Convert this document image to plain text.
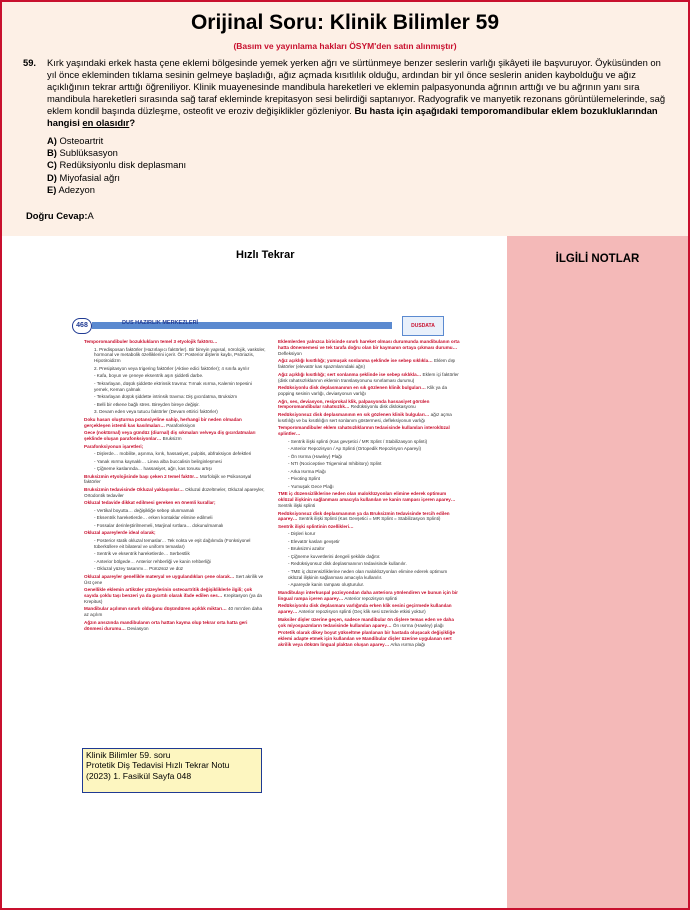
Orijinal Soru: Klinik Bilimler 59
(Basım ve yayınlama hakları ÖSYM'den satın alınmıştır)
59. Kırk yaşındaki erkek hasta çene eklemi bölgesinde yemek yerken ağrı ve sürtünmeye benzer seslerin varlığı şikâyeti ile başvuruyor. Öyküsünden on yıl önce ekleminden tıklama sesinin gelmeye başladığı, ağız açmada kısıtlılık olduğu, ardından bir yıl önce seslerin aniden kaybolduğu ve ağız açıklığının tekrar arttığı öğreniliyor. Klinik muayenesinde mandibula hareketleri ve eklemin palpasyonunda ağrının arttığı ve bu ağrının yanı sıra mandibula hareketleri sırasında sağ taraf ekleminde krepitasyon sesi belirdiği saptanıyor. Radyografik ve manyetik rezonans görüntülemelerinde, sağ eklem kondil başında düzleşme, osteofit ve eroziv değişiklikler gözleniyor. Bu hasta için aşağıdaki temporomandibular eklem bozukluklarından hangisi en olasıdır?
A) Osteoartrit
B) Sublüksasyon
C) Redüksiyonlu disk deplasmanı
D) Miyofasial ağrı
E) Adezyon
Doğru Cevap:A
Hızlı Tekrar
468	DUS HAZIRLIK MERKEZLERİ	DUSDATA
Temporomandibuler bozuklukların temel 3 etyolojik faktörü…
1. Predisposan faktörler (Hazırlayıcı faktörler). Bir bireyin yapısal, nörolojik, vasküler, hormonal ve metabolik özelliklerini içerir. Ör: Posterior dişlerin kaybı, Psöriazis, Hipotiroidizm
2. Presipitasyon veya trigering faktörler (Aktive edici faktörler); 4 sınıfa ayrılır
- Kafa, boyun ve çeneye eksentrik aşırı şiddetli darbe.
- Tekrarlayan, düşük şiddette ektrinsik travma: Tırnak ısırma, Kalemin tepesini yemek, Keman çalmak
- Tekrarlayan düşük şiddette intrinsik travma: Diş gıcırdatma, Bruksizm
- Belli bir etkene bağlı stres. Bireyden bireye değişir.
3. Devam eden veya tutucu faktörler (Devam ettirici faktörler)
Doku hasarı oluşturma potansiyeline sahip, herhangi bir neden olmadan gerçekleşen istemli kas kasılmaları… Parafonksiyon
Gece (noktürnal) veya gündüz (diurnal) diş sıkmaları ve/veya diş gıcırdatmaları şeklinde oluşan parafonksiyonlar… Bruksizm
Parafonksiyonun işaretleri;
- Dişlerde… mobilite, aşınma, kırık, hassasiyet, pulpitis, abfraksiyon defektleri
- Yanak ısırma kaynaklı… Linea alba buccalisin belirginleşmesi
- Çiğneme kaslarında… hassasiyet, ağrı, kas tonusu artışı
Bruksizmin etyolojisinde başı çeken 2 temel faktör… Morfolojik ve Psikososyal faktörler
Bruksizmin tedavisinde Okluzal yaklaşımlar… Okluzal düzeltmeler, Okluzal apareyler, Ortodontik tedaviler
Okluzal tedavide dikkat edilmesi gereken en önemli kurallar;
- Vertikal boyutta… değişikliğe sebep olunmamalı
- Eksentrik hareketlerde… erken kontaklar elimine edilmeli
- Fossalar derinleştirilmemeli, Marjinal sırtlara… dokunulmamalı
Okluzal apareylerde ideal olarak;
- Posterior statik okluzal temaslar… Tek nokta ve eşit dağılımda (Fonksiyonel tüberküllere eit bilateral ve uniform temaslar)
- Sentrik ve eksentrik hareketlerde… Serbestlik
- Anterior bölgede… Anterior rehberliği ve kanin rehberliği
- Okluzal yüzey tasarımı… Pürüzsüz ve düz
Okluzal apareyler genellikle materyal ve uygulandıkları çene olarak… Sert akrilik ve Üst çene
Genellikle eklemin artiküler yüzeylerinin osteoartritik değişikliklerle ilgili; çok sayıda çoklu taşı benzeri ya da gıcırtılı olarak ifade edilen ses… Krepitasyon (ya da Krepitus)
Mandibular açılımın sınırlı olduğunu düşündüren açıklık miktarı… 40 mm'den daha az açılım
Ağzın ansızında mandibulanın orta hattan kayma olup tekrar orta hatta geri dönmesi durumu… Deviasyon
Eklemlerden yalnızca birisinde sınırlı hareket olması durumunda mandibulanın orta hatta dönememesi ve tek tarafa doğru olan bir kaymanın ortaya çıkması durumu… Defleksiyon
Ağız açıklığı kısıtlılığı; yumuşak sonlanma şeklinde ise sebep sıklıkla… Eklem dışı faktörler (elevatör kas spazmlarındaki ağrı)
Ağız açıklığı kısıtlılığı; sert sonlanma şeklinde ise sebep sıklıkla… Eklem içi faktörler (disk rahatsızlıklarının eklemin translasyonunu sınırlaması durumu)
Redüksiyonlu disk deplasmanının en sık gözlenen klinik bulguları… Klik ya da popping sesinin varlığı, deviasyonun varlığı
Ağrı, ses, deviasyon, resiprokal klik, palpasyonda hassasiyet görülen temporomandibular rahatsızlık… Redüksiyonlu disk dislokasyonu
Redüksiyonsuz disk deplasmanının en sık gözlenen klinik bulguları… ağız açma kısıtlılığı ve bu kısıtlılığın sert sonlanım göstermesi, defleksiyonun varlığı
Temporomandibuler eklem rahatsızlıklarının tedavisinde kullanılan interoklüzal splintler…
- Sentrik ilişki splinti (Kas gevşetici / MR Splint / Stabilizasyon splinti)
- Anterior Repozisyon / Ap Splinti (Ortopedik Repozisyon Apareyi)
- Ön Isırma (Hawley) Plağı
- NTI (Nociceptive Trigeminal Inhibitory) Splint
- Arka Isırma Plağı
- Pivoting Splint
- Yumuşak Gece Plağı
TME iç düzensizliklerine neden olan maloklüzyonları elimine ederek optimum oklüzal ilişkinin sağlanması amacıyla kullanılan ve kanin rampası içeren aparey… Sentrik ilişki splinti
Redüksiyonsuz disk deplasmanının ya da Bruksizmin tedavisinde tercih edilen aparey… Sentrik ilişki Splinti (Kas Gevşetici = MR Splint = Stabilizasyon Splinti)
Sentrik ilişki splintinin özellikleri…
- Dişleri korur
- Elevatör kasları gevşetir
- Bruksizmi azaltır
- Çiğneme kuvvetlerini dengeli şekilde dağıtır.
- Redüksiyonsuz disk deplasmanının tedavisinde kullanılır.
- TME iç düzensizliklerine neden olan maloklüzyonları elimine ederek optimum oklüzal ilişkinin sağlanması amacıyla kullanılır.
- Apareyde kanin rampası oluşturulur.
Mandibulayı interkuspal pozisyondan daha anteriora yönlendiren ve bunun için bir lingual rampa içeren aparey… Anterior repozisyon splinti
Redüksiyonlu disk deplasmanı varlığında erken klik sesini geçirmede kullanılan aparey… Anterior repozisyon splinti (Geç klik sesi üzerinde etkisi yoktur)
Maksiler dişler üzerine geçen, sadece mandibular ön dişlere temas eden ve daha çok miyospazmların tedavisinde kullanılan aparey… Ön ısırma (Hawley) plağı
Protetik olarak dikey boyut yükseltme planlanan bir hastada oluşacak değişikliğe eklemi adapte etmek için kullanılan ve Mandibular dişler üzerine uygulanan sert akrilik veya döküm lingual plaktan oluşan aparey… Arka ısırma plağı
Klinik Bilimler 59. soru
Protetik Diş Tedavisi Hızlı Tekrar Notu
(2023) 1. Fasikül Sayfa 048
İLGİLİ NOTLAR
